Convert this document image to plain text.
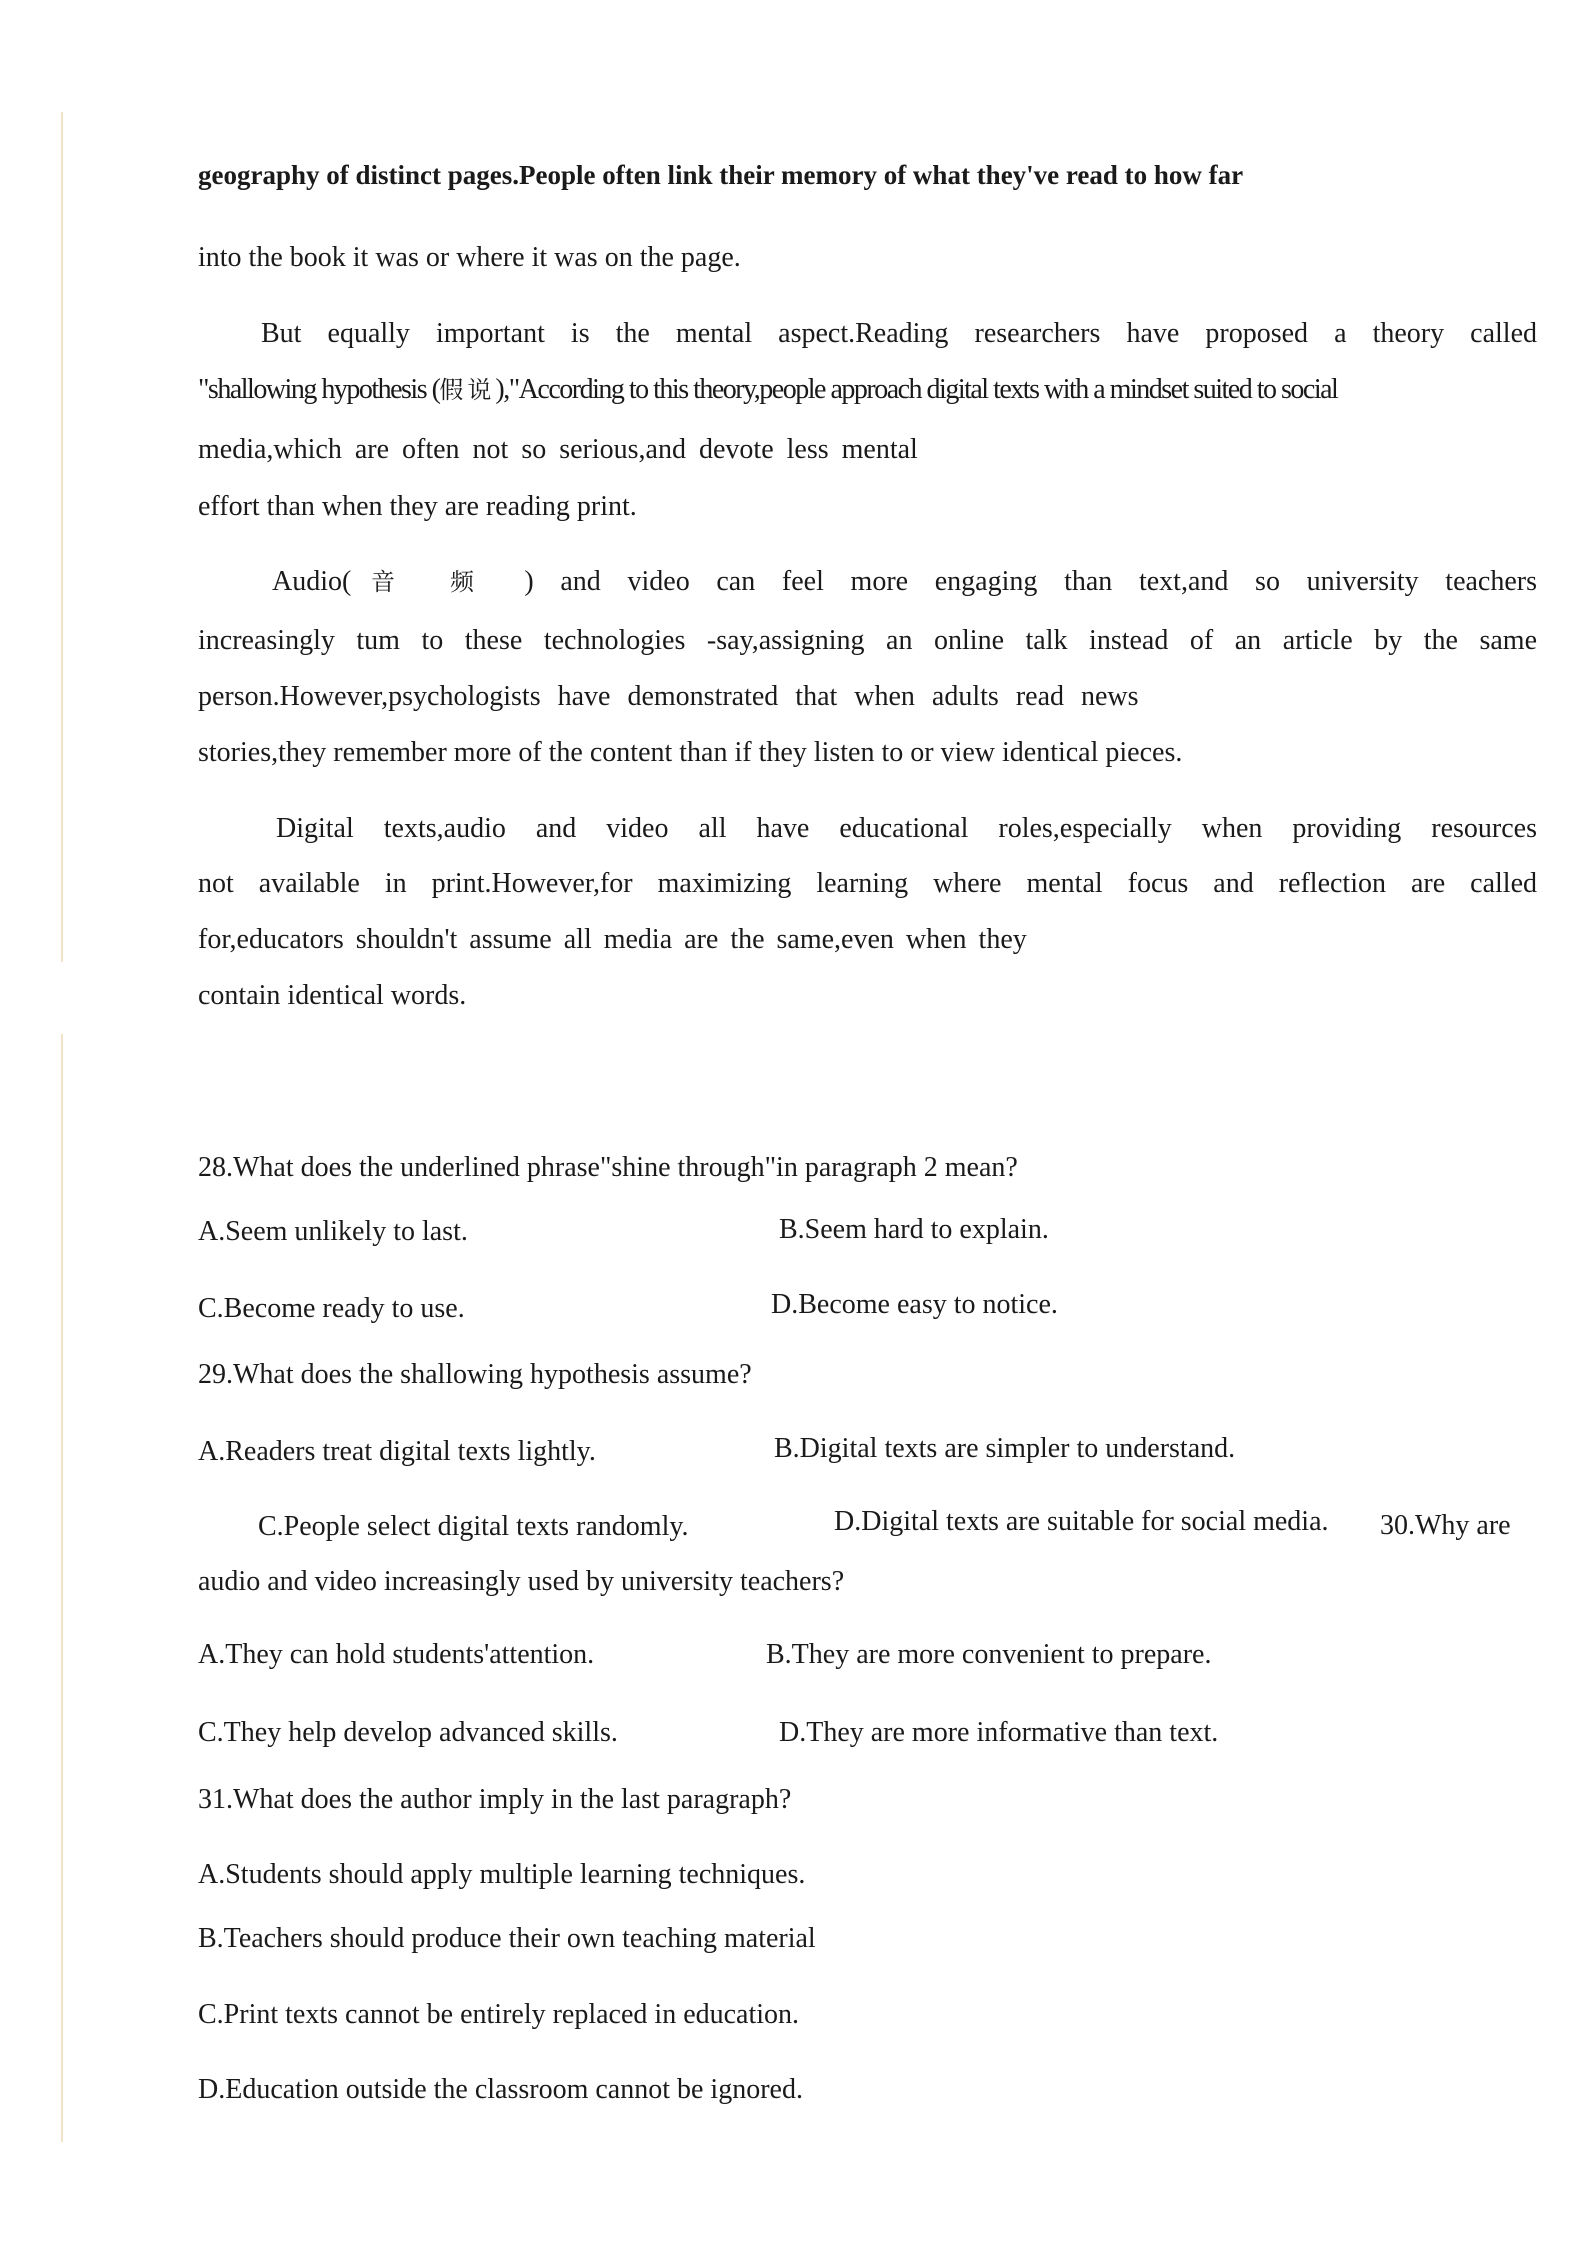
geography of distinct pages.People often link their memory of what they've read to how far
into the book it was or where it was on the page.
But equally important is the mental aspect.Reading researchers have proposed a theory called
"shallowing hypothesis (假说),"According to this theory,people approach digital texts with a mindset suited to social
media,which are often not so serious,and devote less mental
effort than when they are reading print.
Audio(音 频 ) and video can feel more engaging than text,and so university teachers
increasingly tum to these technologies -say,assigning an online talk instead of an article by the same
person.However,psychologists have demonstrated that when adults read news
stories,they remember more of the content than if they listen to or view identical pieces.
Digital texts,audio and video all have educational roles,especially when providing resources
not available in print.However,for maximizing learning where mental focus and reflection are called
for,educators shouldn't assume all media are the same,even when they
contain identical words.
28.What does the underlined phrase"shine through"in paragraph 2 mean?
A.Seem unlikely to last.	B.Seem hard to explain.
C.Become ready to use.	D.Become easy to notice.
29.What does the shallowing hypothesis assume?
A.Readers treat digital texts lightly.	B.Digital texts are simpler to understand.
C.People select digital texts randomly.	D.Digital texts are suitable for social media. 30.Why are
audio and video increasingly used by university teachers?
A.They can hold students'attention.	B.They are more convenient to prepare.
C.They help develop advanced skills.	D.They are more informative than text.
31.What does the author imply in the last paragraph?
A.Students should apply multiple learning techniques.
B.Teachers should produce their own teaching material
C.Print texts cannot be entirely replaced in education.
D.Education outside the classroom cannot be ignored.
